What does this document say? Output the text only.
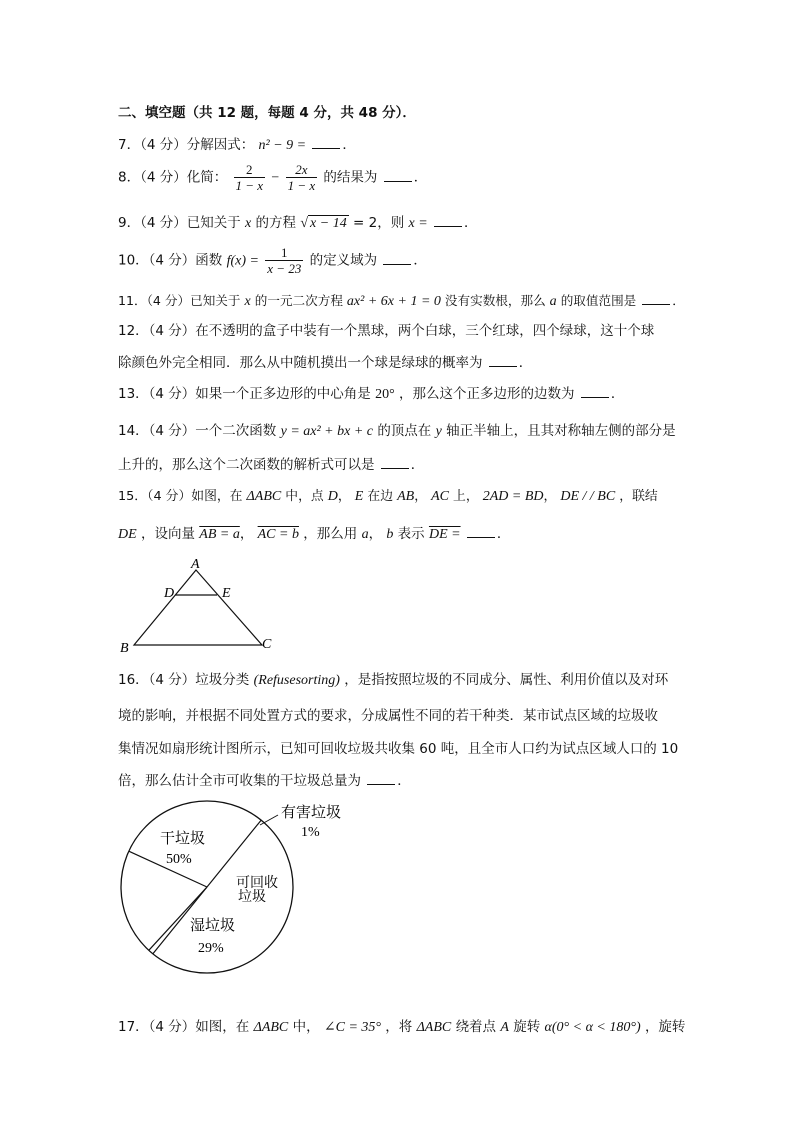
二、填空题（共 12 题，每题 4 分，共 48 分）．
7．（4 分）分解因式： n² − 9 =	．
8．（4 分）化简： $\frac{2}{1 - x} - \frac{2x}{1 - x}$ 的结果为	．
9．（4 分）已知关于 x 的方程 √ x − 14 = 2，则 x =	．
10．（4 分）函数 $f(x) = \frac{1}{x - 23}$ 的定义域为	．
11．（4 分）已知关于 x 的一元二次方程 ax² + 6x + 1 = 0 没有实数根，那么 a 的取值范围是	．
12．（4 分）在不透明的盒子中装有一个黑球，两个白球，三个红球，四个绿球，这十个球
除颜色外完全相同．那么从中随机摸出一个球是绿球的概率为	．
13．（4 分）如果一个正多边形的中心角是 20° ，那么这个正多边形的边数为	．
14．（4 分）一个二次函数 y = ax² + bx + c 的顶点在 y 轴正半轴上，且其对称轴左侧的部分是
上升的，那么这个二次函数的解析式可以是	．
15．（4 分）如图，在 ΔABC 中，点 D， E 在边 AB， AC 上， 2AD = BD， DE / / BC ，联结
DE ，设向量 AB = a， AC = b ，那么用 a， b 表示 DE =	．
A
D	E
B	C
16．（4 分）垃圾分类 (Refusesorting) ，是指按照垃圾的不同成分、属性、利用价值以及对环
境的影响，并根据不同处置方式的要求，分成属性不同的若干种类．某市试点区域的垃圾收
集情况如扇形统计图所示，已知可回收垃圾共收集 60 吨，且全市人口约为试点区域人口的 10
倍，那么估计全市可收集的干垃圾总量为	．
有害垃圾
1%
干垃圾
50%
可回收
垃圾
湿垃圾
29%
17．（4 分）如图，在 ΔABC 中， ∠C = 35° ，将 ΔABC 绕着点 A 旋转 α(0° < α < 180°) ，旋转
